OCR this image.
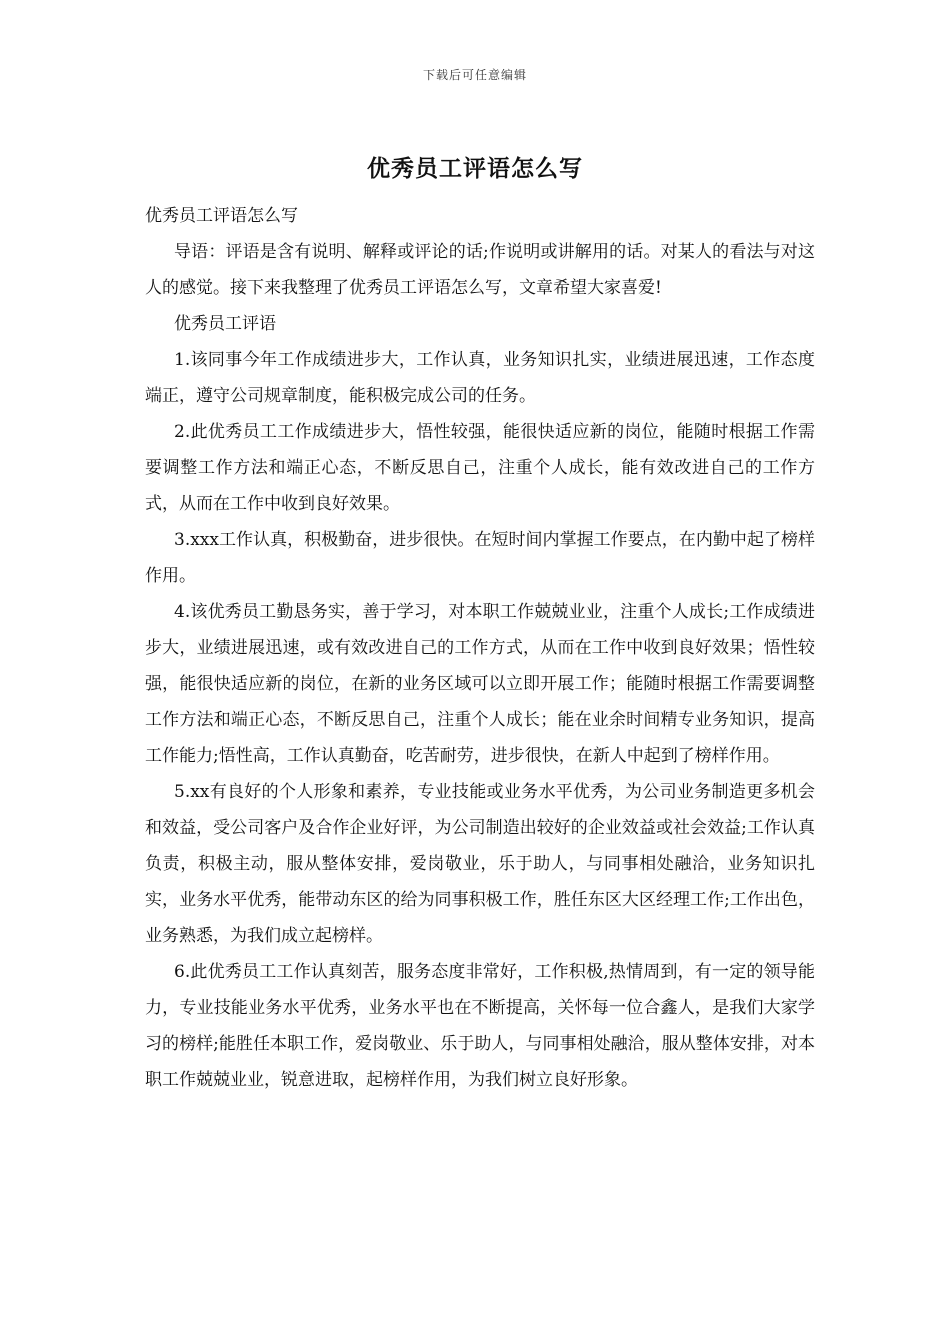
下载后可任意编辑
优秀员工评语怎么写

优秀员工评语怎么写

导语：评语是含有说明、解释或评论的话;作说明或讲解用的话。对某人的看法与对这人的感觉。接下来我整理了优秀员工评语怎么写，文章希望大家喜爱!

优秀员工评语

1.该同事今年工作成绩进步大，工作认真，业务知识扎实，业绩进展迅速，工作态度端正，遵守公司规章制度，能积极完成公司的任务。

2.此优秀员工工作成绩进步大，悟性较强，能很快适应新的岗位，能随时根据工作需要调整工作方法和端正心态，不断反思自己，注重个人成长，能有效改进自己的工作方式，从而在工作中收到良好效果。

3.xxx工作认真，积极勤奋，进步很快。在短时间内掌握工作要点，在内勤中起了榜样作用。

4.该优秀员工勤恳务实，善于学习，对本职工作兢兢业业，注重个人成长;工作成绩进步大，业绩进展迅速，或有效改进自己的工作方式，从而在工作中收到良好效果；悟性较强，能很快适应新的岗位，在新的业务区域可以立即开展工作；能随时根据工作需要调整工作方法和端正心态，不断反思自己，注重个人成长；能在业余时间精专业务知识，提高工作能力;悟性高，工作认真勤奋，吃苦耐劳，进步很快，在新人中起到了榜样作用。

5.xx有良好的个人形象和素养，专业技能或业务水平优秀，为公司业务制造更多机会和效益，受公司客户及合作企业好评，为公司制造出较好的企业效益或社会效益;工作认真负责，积极主动，服从整体安排，爱岗敬业，乐于助人，与同事相处融洽，业务知识扎实，业务水平优秀，能带动东区的给为同事积极工作，胜任东区大区经理工作;工作出色，业务熟悉，为我们成立起榜样。

6.此优秀员工工作认真刻苦，服务态度非常好，工作积极,热情周到，有一定的领导能力，专业技能业务水平优秀，业务水平也在不断提高，关怀每一位合鑫人，是我们大家学习的榜样;能胜任本职工作，爱岗敬业、乐于助人，与同事相处融洽，服从整体安排，对本职工作兢兢业业，锐意进取，起榜样作用，为我们树立良好形象。
